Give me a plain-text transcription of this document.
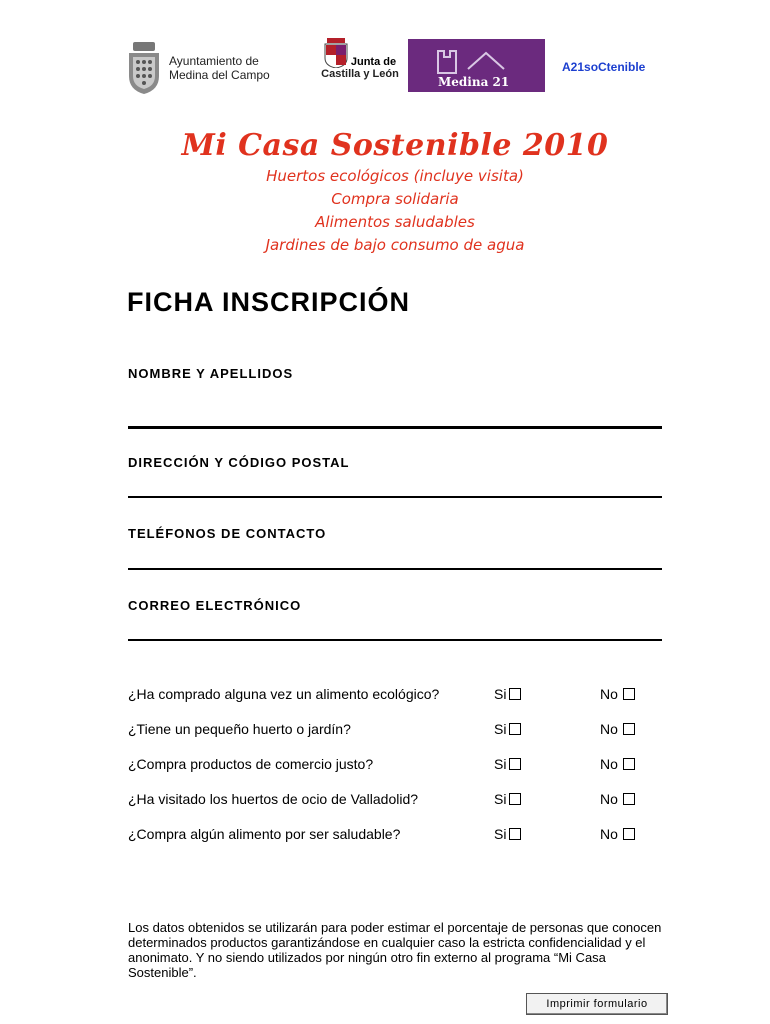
Ayuntamiento de
Medina del Campo
Junta de
Castilla y León
Medina 21
A21soCtenible
Mi Casa Sostenible 2010
Huertos ecológicos (incluye visita)
Compra solidaria
Alimentos saludables
Jardines de bajo consumo de agua
FICHA INSCRIPCIÓN
NOMBRE Y APELLIDOS
DIRECCIÓN Y CÓDIGO POSTAL
TELÉFONOS DE CONTACTO
CORREO ELECTRÓNICO
¿Ha comprado alguna vez un alimento ecológico?	Si	No
¿Tiene un pequeño huerto o jardín?	Si	No
¿Compra productos de comercio justo?	Si	No
¿Ha visitado los huertos de ocio de Valladolid?	Si	No
¿Compra algún alimento por ser saludable?	Si	No
Los datos obtenidos se utilizarán para poder estimar el porcentaje de personas que conocen determinados productos garantizándose en cualquier caso la estricta confidencialidad y el anonimato. Y no siendo utilizados por ningún otro fin externo al programa “Mi Casa Sostenible”.
Imprimir formulario
